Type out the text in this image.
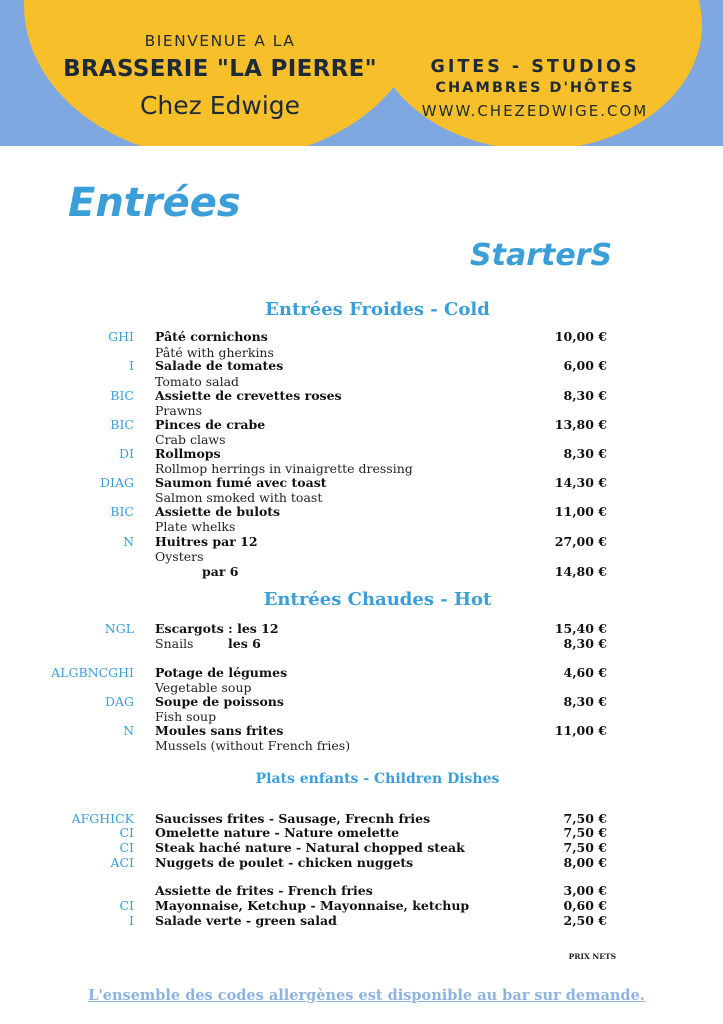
BIENVENUE A LA
BRASSERIE "LA PIERRE"
Chez Edwige
GITES - STUDIOS
CHAMBRES D'HÔTES
WWW.CHEZEDWIGE.COM
Entrées
StarterS
Entrées Froides - Cold
GHI Pâté cornichons	10,00 €
Pâté with gherkins
I Salade de tomates	6,00 €
Tomato salad
BIC Assiette de crevettes roses	8,30 €
Prawns
BIC Pinces de crabe	13,80 €
Crab claws
DI Rollmops	8,30 €
Rollmop herrings in vinaigrette dressing
DIAG Saumon fumé avec toast	14,30 €
Salmon smoked with toast
BIC Assiette de bulots	11,00 €
Plate whelks
N Huitres par 12	27,00 €
Oysters
par 6	14,80 €
Entrées Chaudes - Hot
NGL Escargots : les 12	15,40 €
Snails	les 6	8,30 €
ALGBNCGHI Potage de légumes	4,60 €
Vegetable soup
DAG Soupe de poissons	8,30 €
Fish soup
N Moules sans frites	11,00 €
Mussels (without French fries)
Plats enfants - Children Dishes
AFGHICK Saucisses frites - Sausage, Frecnh fries	7,50 €
CI Omelette nature - Nature omelette	7,50 €
CI Steak haché nature - Natural chopped steak	7,50 €
ACI Nuggets de poulet - chicken nuggets	8,00 €
Assiette de frites - French fries	3,00 €
CI Mayonnaise, Ketchup - Mayonnaise, ketchup	0,60 €
I Salade verte - green salad	2,50 €
PRIX NETS
L'ensemble des codes allergènes est disponible au bar sur demande.
